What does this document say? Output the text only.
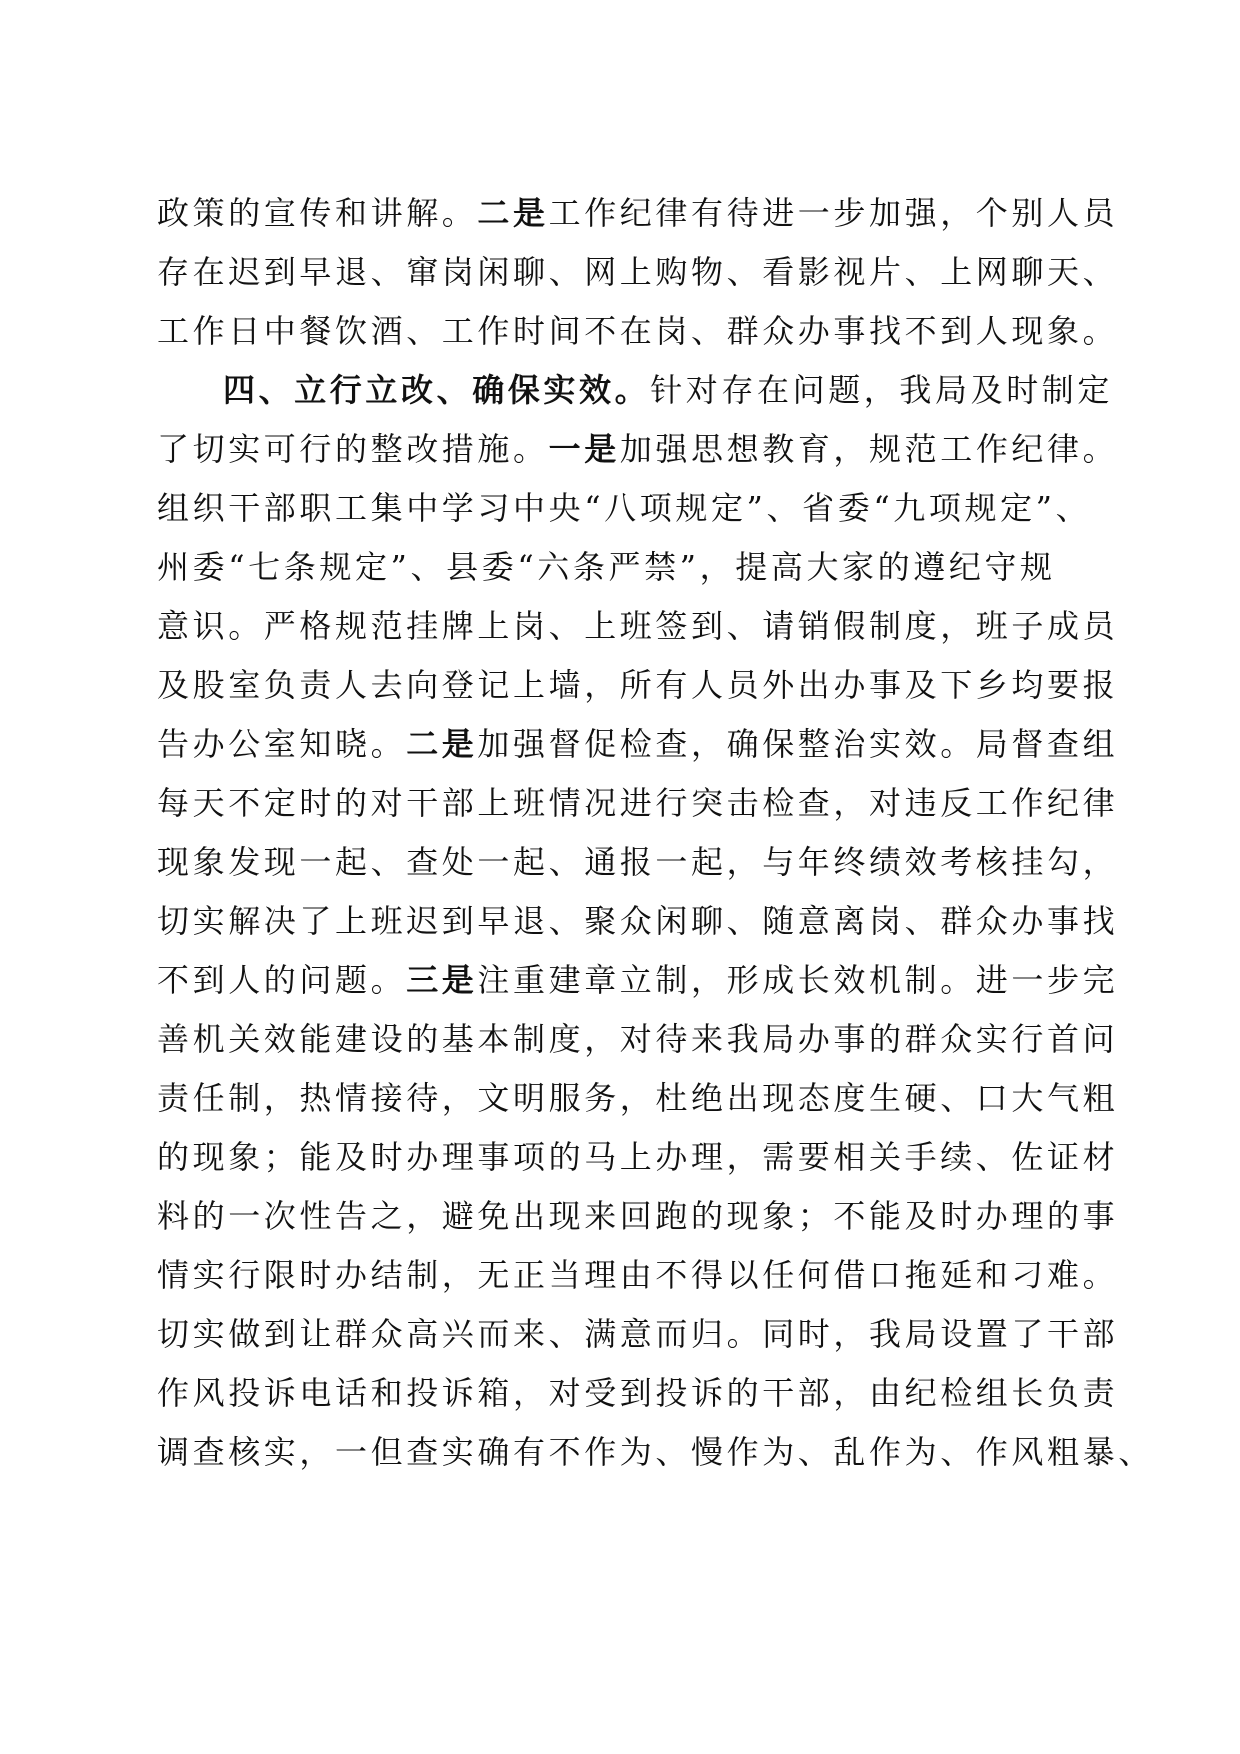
政策的宣传和讲解。二是工作纪律有待进一步加强，个别人员
存在迟到早退、窜岗闲聊、网上购物、看影视片、上网聊天、
工作日中餐饮酒、工作时间不在岗、群众办事找不到人现象。
四、立行立改、确保实效。针对存在问题，我局及时制定
了切实可行的整改措施。一是加强思想教育，规范工作纪律。
组织干部职工集中学习中央“八项规定”、省委“九项规定”、
州委“七条规定”、县委“六条严禁”，提高大家的遵纪守规
意识。严格规范挂牌上岗、上班签到、请销假制度，班子成员
及股室负责人去向登记上墙，所有人员外出办事及下乡均要报
告办公室知晓。二是加强督促检查，确保整治实效。局督查组
每天不定时的对干部上班情况进行突击检查，对违反工作纪律
现象发现一起、查处一起、通报一起，与年终绩效考核挂勾，
切实解决了上班迟到早退、聚众闲聊、随意离岗、群众办事找
不到人的问题。三是注重建章立制，形成长效机制。进一步完
善机关效能建设的基本制度，对待来我局办事的群众实行首问
责任制，热情接待，文明服务，杜绝出现态度生硬、口大气粗
的现象；能及时办理事项的马上办理，需要相关手续、佐证材
料的一次性告之，避免出现来回跑的现象；不能及时办理的事
情实行限时办结制，无正当理由不得以任何借口拖延和刁难。
切实做到让群众高兴而来、满意而归。同时，我局设置了干部
作风投诉电话和投诉箱，对受到投诉的干部，由纪检组长负责
调查核实，一但查实确有不作为、慢作为、乱作为、作风粗暴、
